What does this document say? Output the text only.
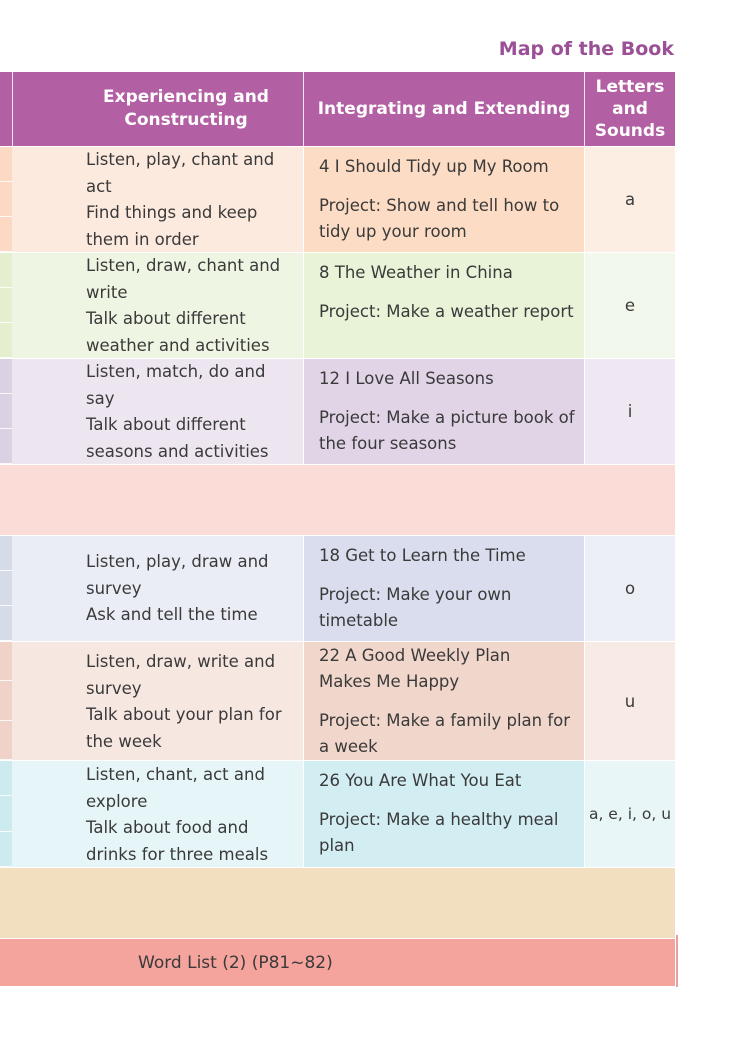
Map of the Book
Experiencing and Constructing
Integrating and Extending
Letters and Sounds
Listen, play, chant and act
Find things and keep them in order
4 I Should Tidy up My Room
Project: Show and tell how to tidy up your room
a
Listen, draw, chant and write
Talk about different weather and activities
8 The Weather in China
Project: Make a weather report	e
Listen, match, do and say
Talk about different seasons and activities
12 I Love All Seasons
Project: Make a picture book of the four seasons
i
Listen, play, draw and survey
Ask and tell the time
18 Get to Learn the Time
Project: Make your own timetable
o
Listen, draw, write and survey
Talk about your plan for the week
22 A Good Weekly Plan Makes Me Happy
Project: Make a family plan for a week
u
Listen, chant, act and explore
Talk about food and drinks for three meals
26 You Are What You Eat
Project: Make a healthy meal plan
a, e, i, o, u
Word List (2) (P81~82)
